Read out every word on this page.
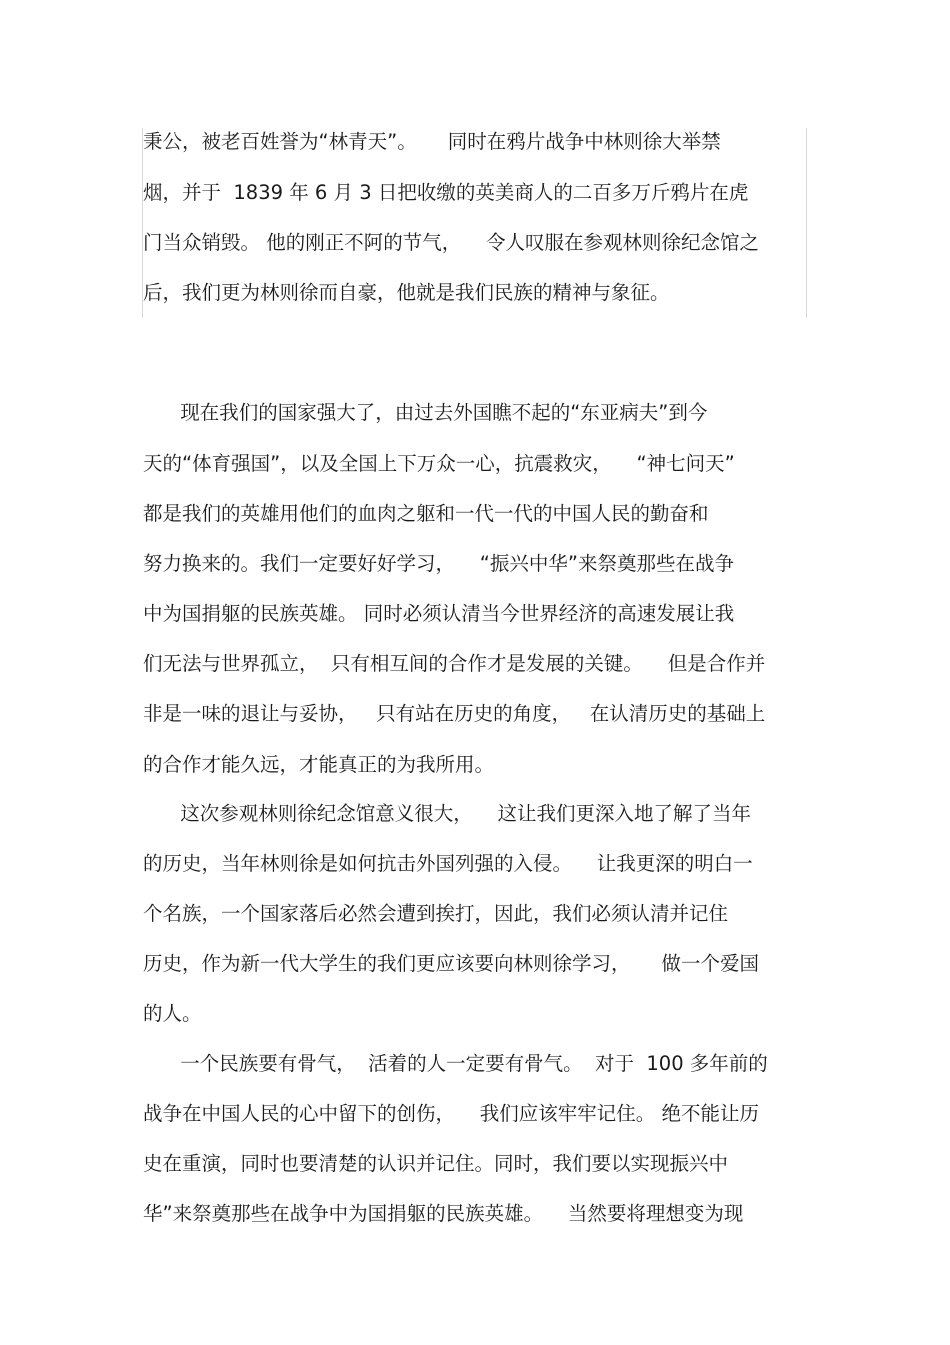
秉公，被老百姓誉为“林青天”。     同时在鸦片战争中林则徐大举禁
烟，并于  1839 年 6 月 3 日把收缴的英美商人的二百多万斤鸦片在虎
门当众销毁。 他的刚正不阿的节气，    令人叹服在参观林则徐纪念馆之
后，我们更为林则徐而自豪，他就是我们民族的精神与象征。
现在我们的国家强大了，由过去外国瞧不起的“东亚病夫”到今
天的“体育强国”，以及全国上下万众一心，抗震救灾，    “神七问天”
都是我们的英雄用他们的血肉之躯和一代一代的中国人民的勤奋和
努力换来的。我们一定要好好学习，    “振兴中华”来祭奠那些在战争
中为国捐躯的民族英雄。 同时必须认清当今世界经济的高速发展让我
们无法与世界孤立，  只有相互间的合作才是发展的关键。    但是合作并
非是一味的退让与妥协，   只有站在历史的角度，   在认清历史的基础上
的合作才能久远，才能真正的为我所用。
这次参观林则徐纪念馆意义很大，    这让我们更深入地了解了当年
的历史，当年林则徐是如何抗击外国列强的入侵。    让我更深的明白一
个名族，一个国家落后必然会遭到挨打，因此，我们必须认清并记住
历史，作为新一代大学生的我们更应该要向林则徐学习，     做一个爱国
的人。
一个民族要有骨气，  活着的人一定要有骨气。  对于  100 多年前的
战争在中国人民的心中留下的创伤，    我们应该牢牢记住。 绝不能让历
史在重演，同时也要清楚的认识并记住。同时，我们要以实现振兴中
华”来祭奠那些在战争中为国捐躯的民族英雄。    当然要将理想变为现
